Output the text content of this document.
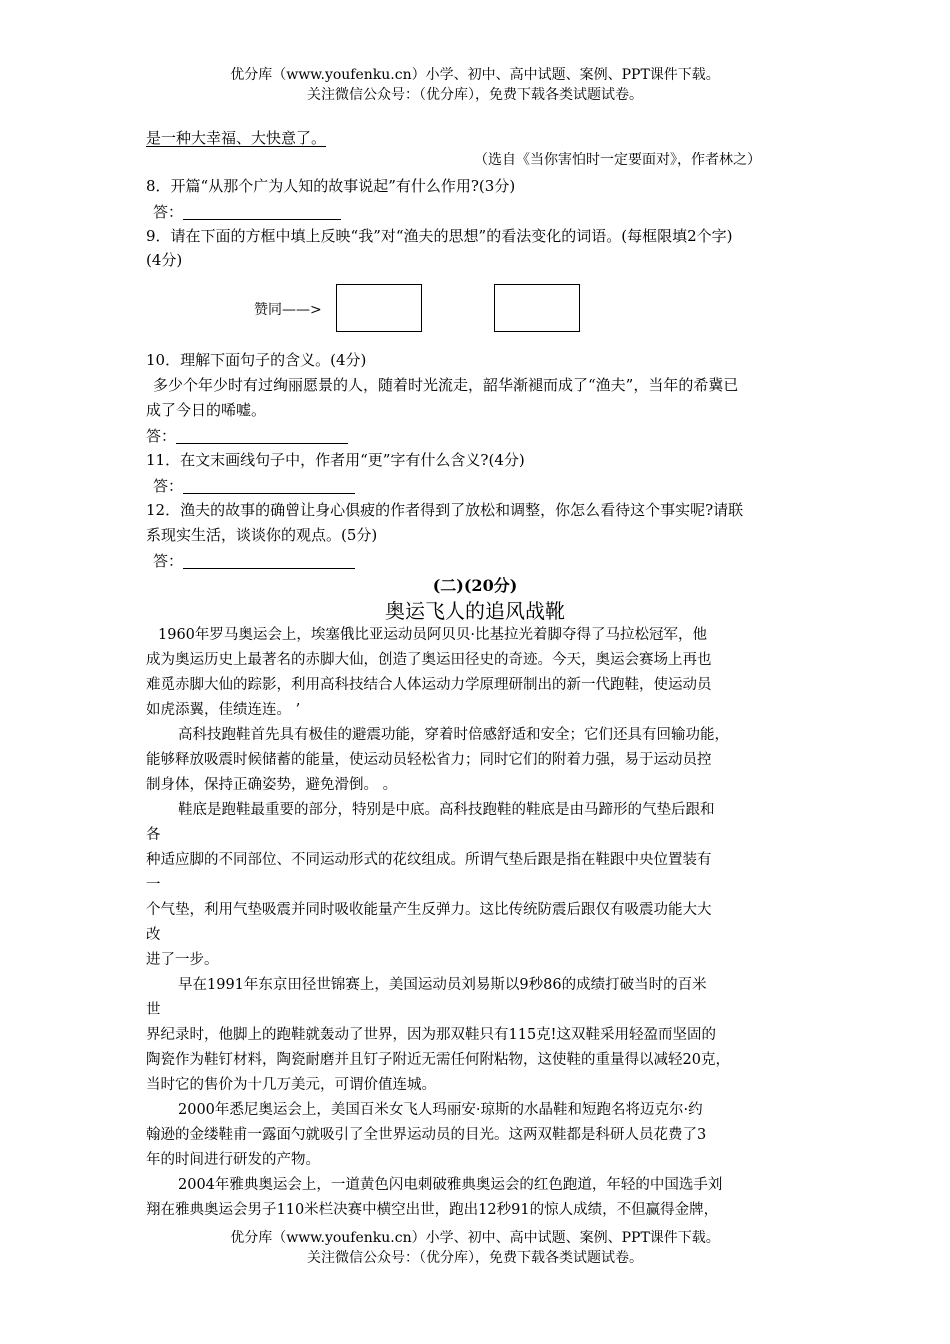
优分库（www.youfenku.cn）小学、初中、高中试题、案例、PPT课件下载。
关注微信公众号：（优分库），免费下载各类试题试卷。
是一种大幸福、大快意了。
（选自《当你害怕时一定要面对》，作者林之）
8．开篇“从那个广为人知的故事说起”有什么作用?(3分)
答：
9．请在下面的方框中填上反映“我”对“渔夫的思想”的看法变化的词语。(每框限填2个字)
(4分)
赞同——>
10．理解下面句子的含义。(4分)
多少个年少时有过绚丽愿景的人，随着时光流走，韶华渐褪而成了“渔夫”，当年的希冀已
成了今日的唏嘘。
答：
11．在文末画线句子中，作者用“更”字有什么含义?(4分)
答：
12．渔夫的故事的确曾让身心俱疲的作者得到了放松和调整，你怎么看待这个事实呢?请联
系现实生活，谈谈你的观点。(5分)
答：
(二)(20分)
奥运飞人的追风战靴
1960年罗马奥运会上，埃塞俄比亚运动员阿贝贝·比基拉光着脚夺得了马拉松冠军，他
成为奥运历史上最著名的赤脚大仙，创造了奥运田径史的奇迹。今天，奥运会赛场上再也
难觅赤脚大仙的踪影，利用高科技结合人体运动力学原理研制出的新一代跑鞋，使运动员
如虎添翼，佳绩连连。 ’
高科技跑鞋首先具有极佳的避震功能，穿着时倍感舒适和安全；它们还具有回输功能，
能够释放吸震时候储蓄的能量，使运动员轻松省力；同时它们的附着力强，易于运动员控
制身体，保持正确姿势，避免滑倒。 。
鞋底是跑鞋最重要的部分，特别是中底。高科技跑鞋的鞋底是由马蹄形的气垫后跟和
各
种适应脚的不同部位、不同运动形式的花纹组成。所谓气垫后跟是指在鞋跟中央位置装有
一
个气垫，利用气垫吸震并同时吸收能量产生反弹力。这比传统防震后跟仅有吸震功能大大
改
进了一步。
早在1991年东京田径世锦赛上，美国运动员刘易斯以9秒86的成绩打破当时的百米
世
界纪录时，他脚上的跑鞋就轰动了世界，因为那双鞋只有115克!这双鞋采用轻盈而坚固的
陶瓷作为鞋钉材料，陶瓷耐磨并且钉子附近无需任何附粘物，这使鞋的重量得以减轻20克，
当时它的售价为十几万美元，可谓价值连城。
2000年悉尼奥运会上，美国百米女飞人玛丽安·琼斯的水晶鞋和短跑名将迈克尔·约
翰逊的金缕鞋甫一露面勺就吸引了全世界运动员的目光。这两双鞋都是科研人员花费了3
年的时间进行研发的产物。
2004年雅典奥运会上，一道黄色闪电刺破雅典奥运会的红色跑道，年轻的中国选手刘
翔在雅典奥运会男子110米栏决赛中横空出世，跑出12秒91的惊人成绩，不但赢得金牌，
优分库（www.youfenku.cn）小学、初中、高中试题、案例、PPT课件下载。
关注微信公众号：（优分库），免费下载各类试题试卷。
